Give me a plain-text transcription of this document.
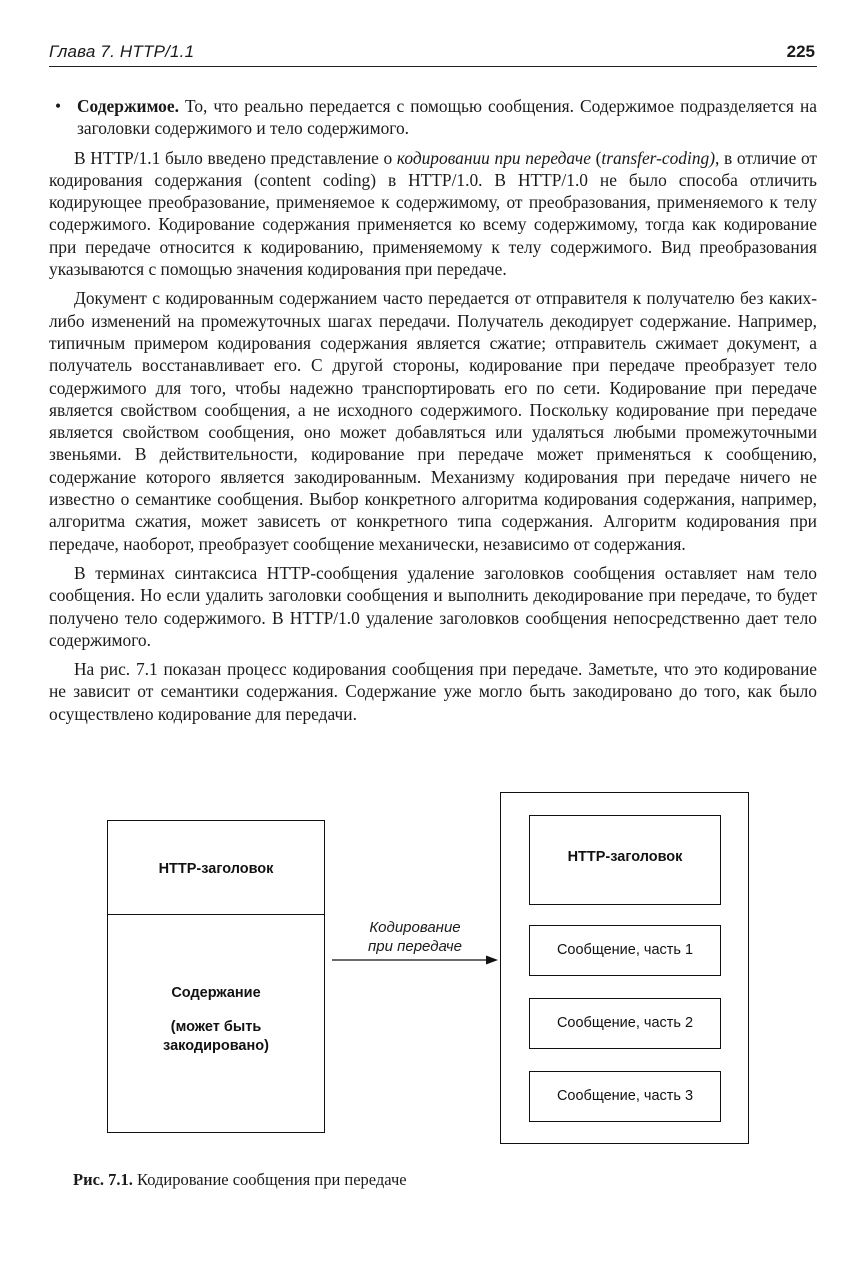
Глава 7. HTTP/1.1	225

• Содержимое. То, что реально передается с помощью сообщения. Содержимое подразделяется на заголовки содержимого и тело содержимого.

В HTTP/1.1 было введено представление о кодировании при передаче (transfer-coding), в отличие от кодирования содержания (content coding) в HTTP/1.0. В HTTP/1.0 не было способа отличить кодирующее преобразование, применяемое к содержимому, от преобразования, применяемого к телу содержимого. Кодирование содержания применяется ко всему содержимому, тогда как кодирование при передаче относится к кодированию, применяемому к телу содержимого. Вид преобразования указываются с помощью значения кодирования при передаче.

Документ с кодированным содержанием часто передается от отправителя к получателю без каких-либо изменений на промежуточных шагах передачи. Получатель декодирует содержание. Например, типичным примером кодирования содержания является сжатие; отправитель сжимает документ, а получатель восстанавливает его. С другой стороны, кодирование при передаче преобразует тело содержимого для того, чтобы надежно транспортировать его по сети. Кодирование при передаче является свойством сообщения, а не исходного содержимого. Поскольку кодирование при передаче является свойством сообщения, оно может добавляться или удаляться любыми промежуточными звеньями. В действительности, кодирование при передаче может применяться к сообщению, содержание которого является закодированным. Механизму кодирования при передаче ничего не известно о семантике сообщения. Выбор конкретного алгоритма кодирования содержания, например, алгоритма сжатия, может зависеть от конкретного типа содержания. Алгоритм кодирования при передаче, наоборот, преобразует сообщение механически, независимо от содержания.

В терминах синтаксиса HTTP-сообщения удаление заголовков сообщения оставляет нам тело сообщения. Но если удалить заголовки сообщения и выполнить декодирование при передаче, то будет получено тело содержимого. В HTTP/1.0 удаление заголовков сообщения непосредственно дает тело содержимого.

На рис. 7.1 показан процесс кодирования сообщения при передаче. Заметьте, что это кодирование не зависит от семантики содержания. Содержание уже могло быть закодировано до того, как было осуществлено кодирование для передачи.

HTTP-заголовок
Содержание
(может быть
закодировано)
Кодирование
при передаче
HTTP-заголовок
Сообщение, часть 1
Сообщение, часть 2
Сообщение, часть 3
Рис. 7.1. Кодирование сообщения при передаче
